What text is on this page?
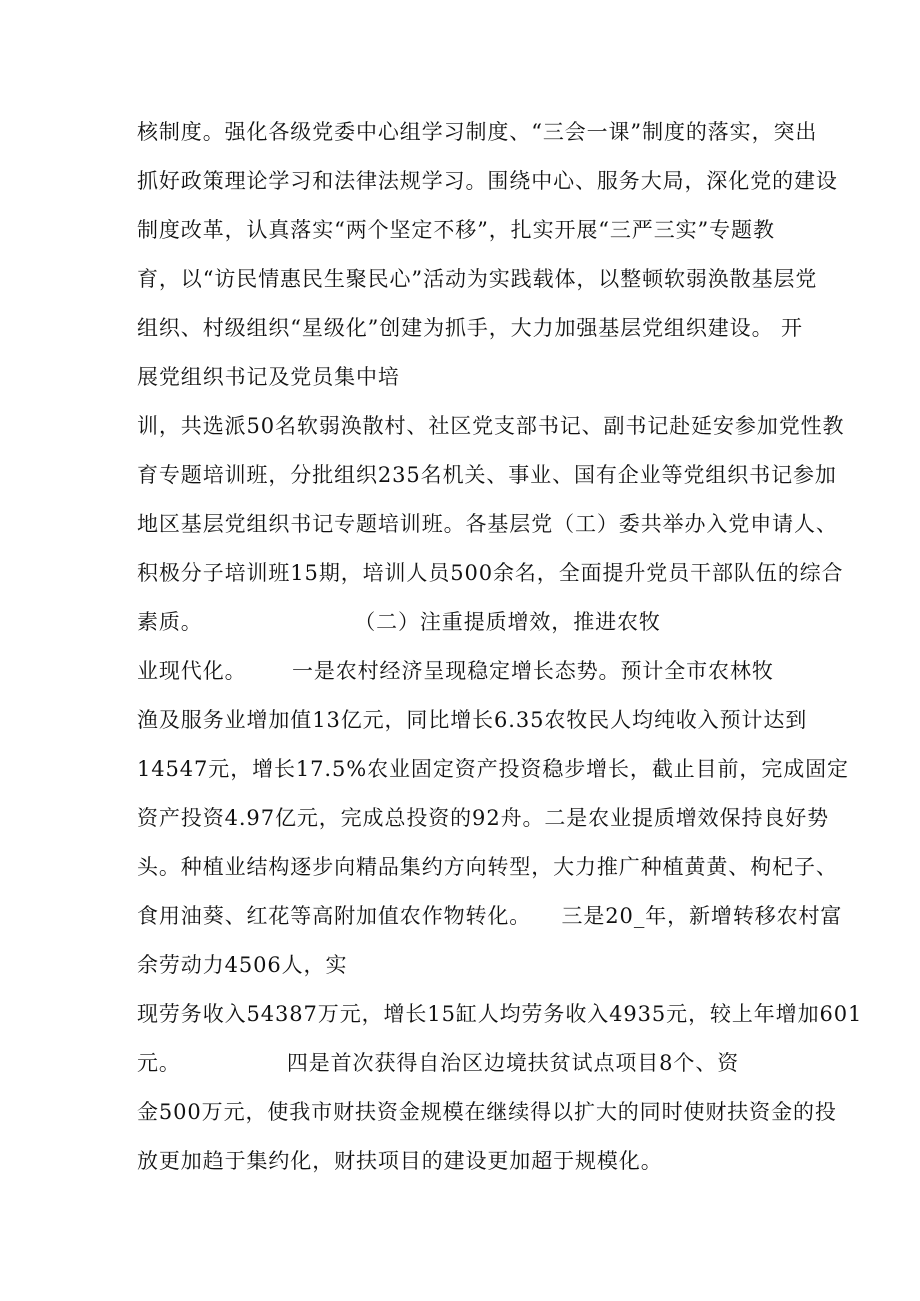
核制度。强化各级党委中心组学习制度、“三会一课”制度的落实，突出
抓好政策理论学习和法律法规学习。围绕中心、服务大局，深化党的建设
制度改革，认真落实“两个坚定不移”，扎实开展“三严三实”专题教
育，以“访民情惠民生聚民心”活动为实践载体，以整顿软弱涣散基层党
组织、村级组织“星级化”创建为抓手，大力加强基层党组织建设。 开
展党组织书记及党员集中培
训，共选派50名软弱涣散村、社区党支部书记、副书记赴延安参加党性教
育专题培训班，分批组织235名机关、事业、国有企业等党组织书记参加
地区基层党组织书记专题培训班。各基层党（工）委共举办入党申请人、
积极分子培训班15期，培训人员500余名，全面提升党员干部队伍的综合
素质。                    （二）注重提质增效，推进农牧
业现代化。      一是农村经济呈现稳定增长态势。预计全市农林牧
渔及服务业增加值13亿元，同比增长6.35农牧民人均纯收入预计达到
14547元，增长17.5%农业固定资产投资稳步增长，截止目前，完成固定
资产投资4.97亿元，完成总投资的92舟。二是农业提质增效保持良好势
头。种植业结构逐步向精品集约方向转型，大力推广种植黄黄、枸杞子、
食用油葵、红花等高附加值农作物转化。    三是20_年，新增转移农村富
余劳动力4506人，实
现劳务收入54387万元，增长15缸人均劳务收入4935元，较上年增加601
元。              四是首次获得自治区边境扶贫试点项目8个、资
金500万元，使我市财扶资金规模在继续得以扩大的同时使财扶资金的投
放更加趋于集约化，财扶项目的建设更加超于规模化。
